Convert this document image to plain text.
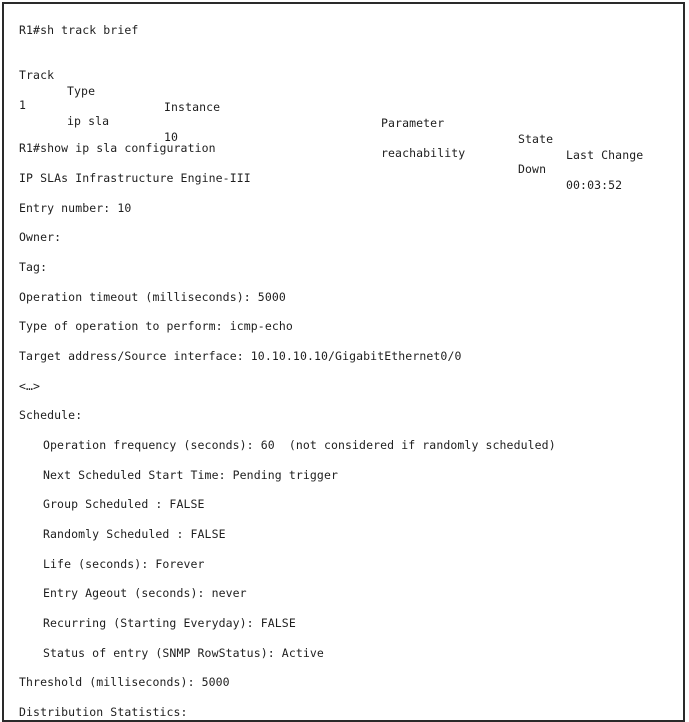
R1#sh track brief

Track

Type

Instance

Parameter

State

Last Change

1

ip sla

10

reachability

Down

00:03:52

R1#show ip sla configuration
IP SLAs Infrastructure Engine-III
Entry number: 10
Owner:
Tag:
Operation timeout (milliseconds): 5000
Type of operation to perform: icmp-echo
Target address/Source interface: 10.10.10.10/GigabitEthernet0/0
<…>
Schedule:
Operation frequency (seconds): 60  (not considered if randomly scheduled)
Next Scheduled Start Time: Pending trigger
Group Scheduled : FALSE
Randomly Scheduled : FALSE
Life (seconds): Forever
Entry Ageout (seconds): never
Recurring (Starting Everyday): FALSE
Status of entry (SNMP RowStatus): Active
Threshold (milliseconds): 5000
Distribution Statistics:
